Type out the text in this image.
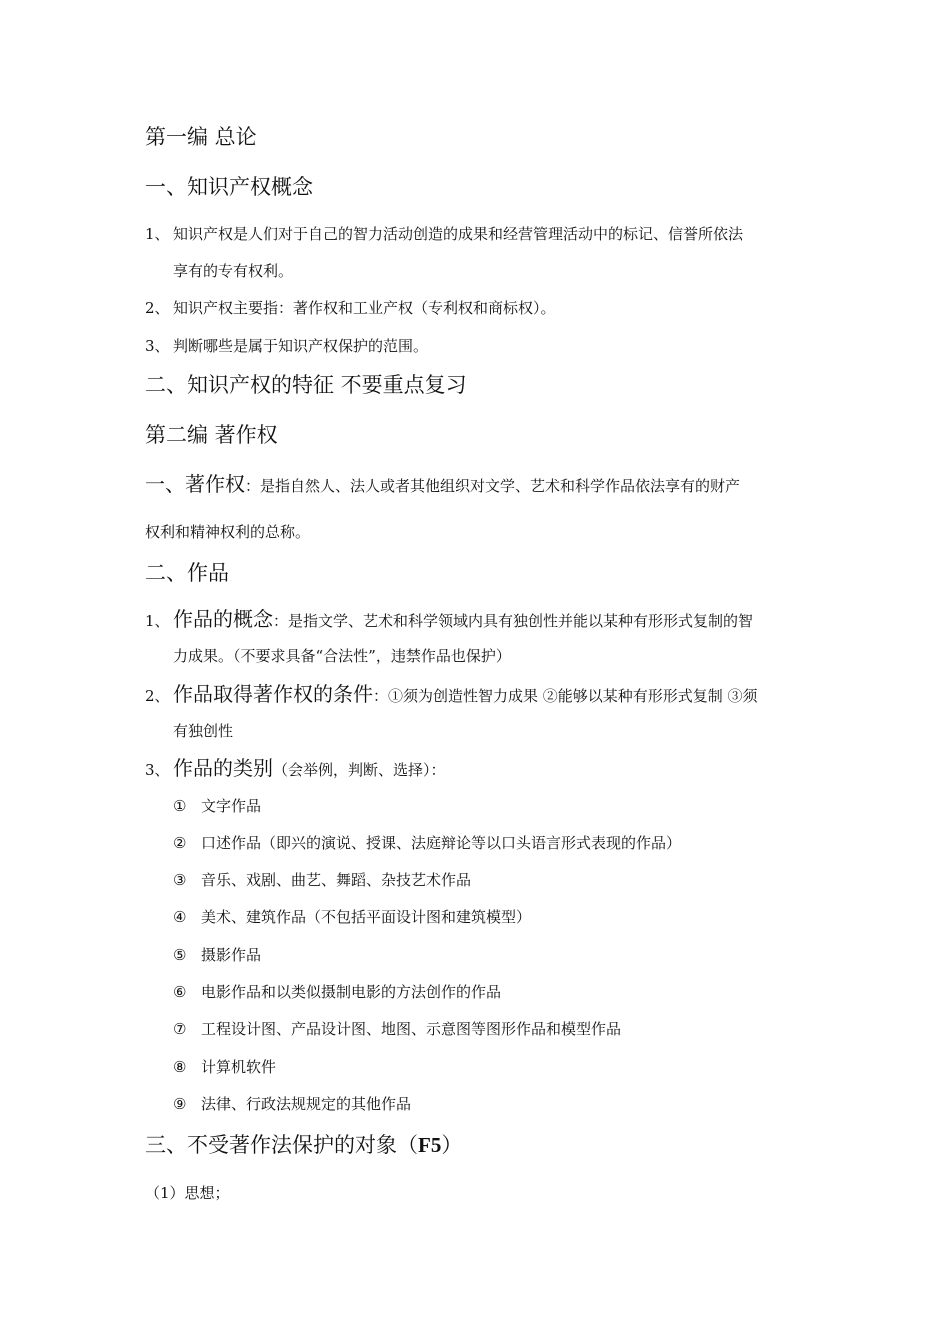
第一编 总论
一、知识产权概念
1、 知识产权是人们对于自己的智力活动创造的成果和经营管理活动中的标记、信誉所依法
享有的专有权利。
2、 知识产权主要指：著作权和工业产权（专利权和商标权）。
3、 判断哪些是属于知识产权保护的范围。
二、知识产权的特征 不要重点复习
第二编 著作权
一、著作权：是指自然人、法人或者其他组织对文学、艺术和科学作品依法享有的财产
权利和精神权利的总称。
二、作品
1、 作品的概念：是指文学、艺术和科学领域内具有独创性并能以某种有形形式复制的智
力成果。（不要求具备“合法性”，违禁作品也保护）
2、 作品取得著作权的条件：①须为创造性智力成果 ②能够以某种有形形式复制 ③须
有独创性
3、 作品的类别（会举例，判断、选择）：
① 文字作品
② 口述作品（即兴的演说、授课、法庭辩论等以口头语言形式表现的作品）
③ 音乐、戏剧、曲艺、舞蹈、杂技艺术作品
④ 美术、建筑作品（不包括平面设计图和建筑模型）
⑤ 摄影作品
⑥ 电影作品和以类似摄制电影的方法创作的作品
⑦ 工程设计图、产品设计图、地图、示意图等图形作品和模型作品
⑧ 计算机软件
⑨ 法律、行政法规规定的其他作品
三、不受著作法保护的对象（F5）
（1）思想；
